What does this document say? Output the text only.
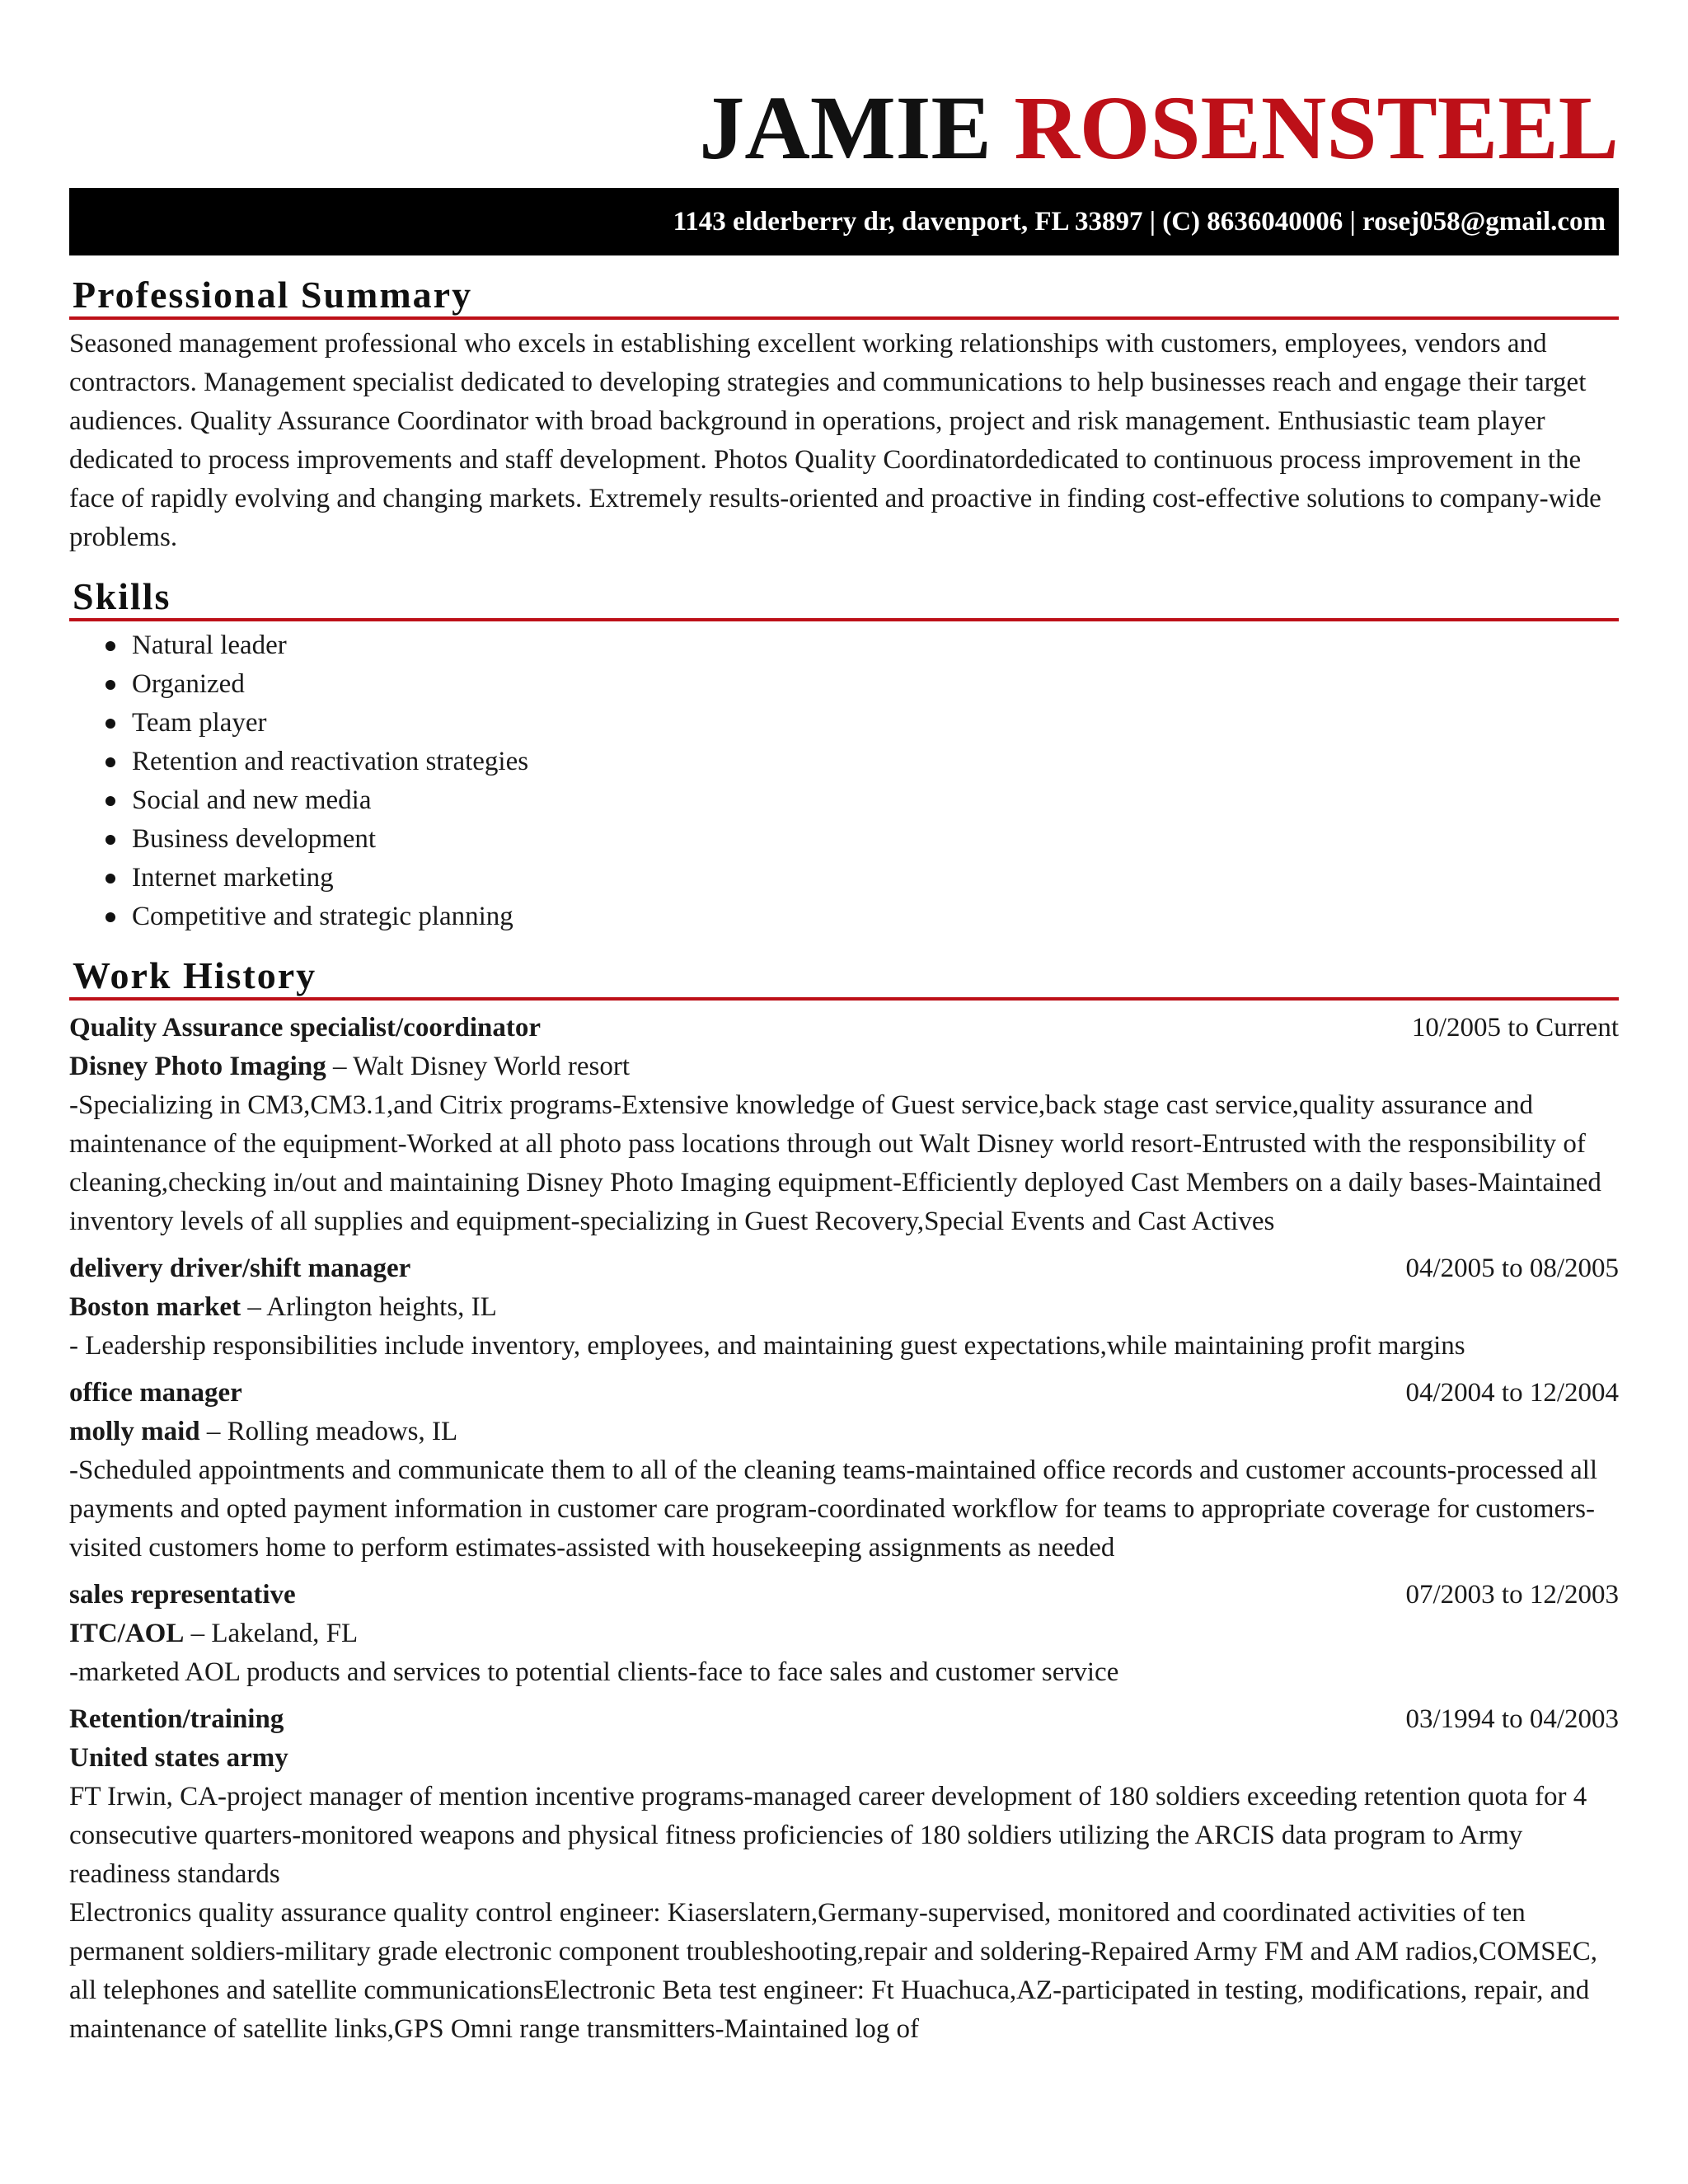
JAMIE ROSENSTEEL
1143 elderberry dr, davenport, FL 33897 | (C) 8636040006 | rosej058@gmail.com
Professional Summary

Seasoned management professional who excels in establishing excellent working relationships with customers, employees, vendors and contractors. Management specialist dedicated to developing strategies and communications to help businesses reach and engage their target audiences. Quality Assurance Coordinator with broad background in operations, project and risk management. Enthusiastic team player dedicated to process improvements and staff development. Photos Quality Coordinatordedicated to continuous process improvement in the face of rapidly evolving and changing markets. Extremely results-oriented and proactive in finding cost-effective solutions to company-wide problems.

Skills
Natural leader
Organized
Team player
Retention and reactivation strategies
Social and new media
Business development
Internet marketing
Competitive and strategic planning
Work History
Quality Assurance specialist/coordinator	10/2005 to Current
Disney Photo Imaging – Walt Disney World resort

-Specializing in CM3,CM3.1,and Citrix programs-Extensive knowledge of Guest service,back stage cast service,quality assurance and maintenance of the equipment-Worked at all photo pass locations through out Walt Disney world resort-Entrusted with the responsibility of cleaning,checking in/out and maintaining Disney Photo Imaging equipment-Efficiently deployed Cast Members on a daily bases-Maintained inventory levels of all supplies and equipment-specializing in Guest Recovery,Special Events and Cast Actives

delivery driver/shift manager	04/2005 to 08/2005
Boston market – Arlington heights, IL

- Leadership responsibilities include inventory, employees, and maintaining guest expectations,while maintaining profit margins

office manager	04/2004 to 12/2004
molly maid – Rolling meadows, IL

-Scheduled appointments and communicate them to all of the cleaning teams-maintained office records and customer accounts-processed all payments and opted payment information in customer care program-coordinated workflow for teams to appropriate coverage for customers-visited customers home to perform estimates-assisted with housekeeping assignments as needed

sales representative	07/2003 to 12/2003
ITC/AOL – Lakeland, FL

-marketed AOL products and services to potential clients-face to face sales and customer service

Retention/training	03/1994 to 04/2003
United states army

FT Irwin, CA-project manager of mention incentive programs-managed career development of 180 soldiers exceeding retention quota for 4 consecutive quarters-monitored weapons and physical fitness proficiencies of 180 soldiers utilizing the ARCIS data program to Army readiness standards

Electronics quality assurance quality control engineer: Kiaserslatern,Germany-supervised, monitored and coordinated activities of ten permanent soldiers-military grade electronic component troubleshooting,repair and soldering-Repaired Army FM and AM radios,COMSEC, all telephones and satellite communicationsElectronic Beta test engineer: Ft Huachuca,AZ-participated in testing, modifications, repair, and maintenance of satellite links,GPS Omni range transmitters-Maintained log of
